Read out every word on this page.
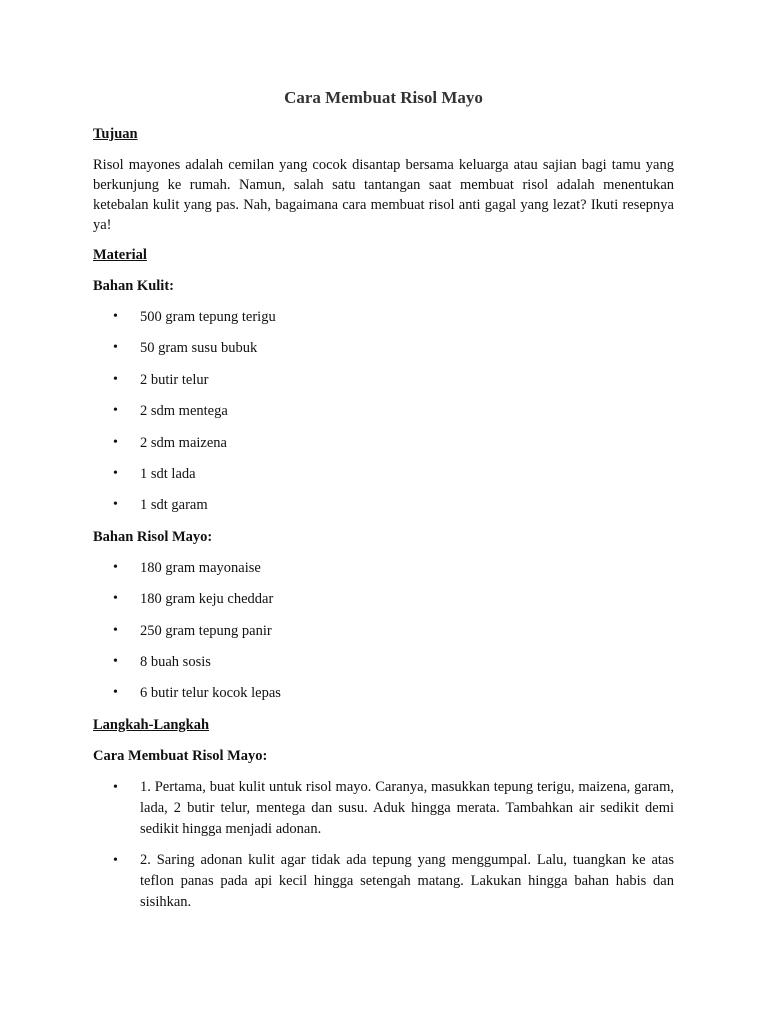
Cara Membuat Risol Mayo
Tujuan
Risol mayones adalah cemilan yang cocok disantap bersama keluarga atau sajian bagi tamu yang berkunjung ke rumah. Namun, salah satu tantangan saat membuat risol adalah menentukan ketebalan kulit yang pas. Nah, bagaimana cara membuat risol anti gagal yang lezat? Ikuti resepnya ya!
Material
Bahan Kulit:
• 500 gram tepung terigu
• 50 gram susu bubuk
• 2 butir telur
• 2 sdm mentega
• 2 sdm maizena
• 1 sdt lada
• 1 sdt garam
Bahan Risol Mayo:
• 180 gram mayonaise
• 180 gram keju cheddar
• 250 gram tepung panir
• 8 buah sosis
• 6 butir telur kocok lepas
Langkah-Langkah
Cara Membuat Risol Mayo:
• 1. Pertama, buat kulit untuk risol mayo. Caranya, masukkan tepung terigu, maizena, garam, lada, 2 butir telur, mentega dan susu. Aduk hingga merata. Tambahkan air sedikit demi sedikit hingga menjadi adonan.
• 2. Saring adonan kulit agar tidak ada tepung yang menggumpal. Lalu, tuangkan ke atas teflon panas pada api kecil hingga setengah matang. Lakukan hingga bahan habis dan sisihkan.
